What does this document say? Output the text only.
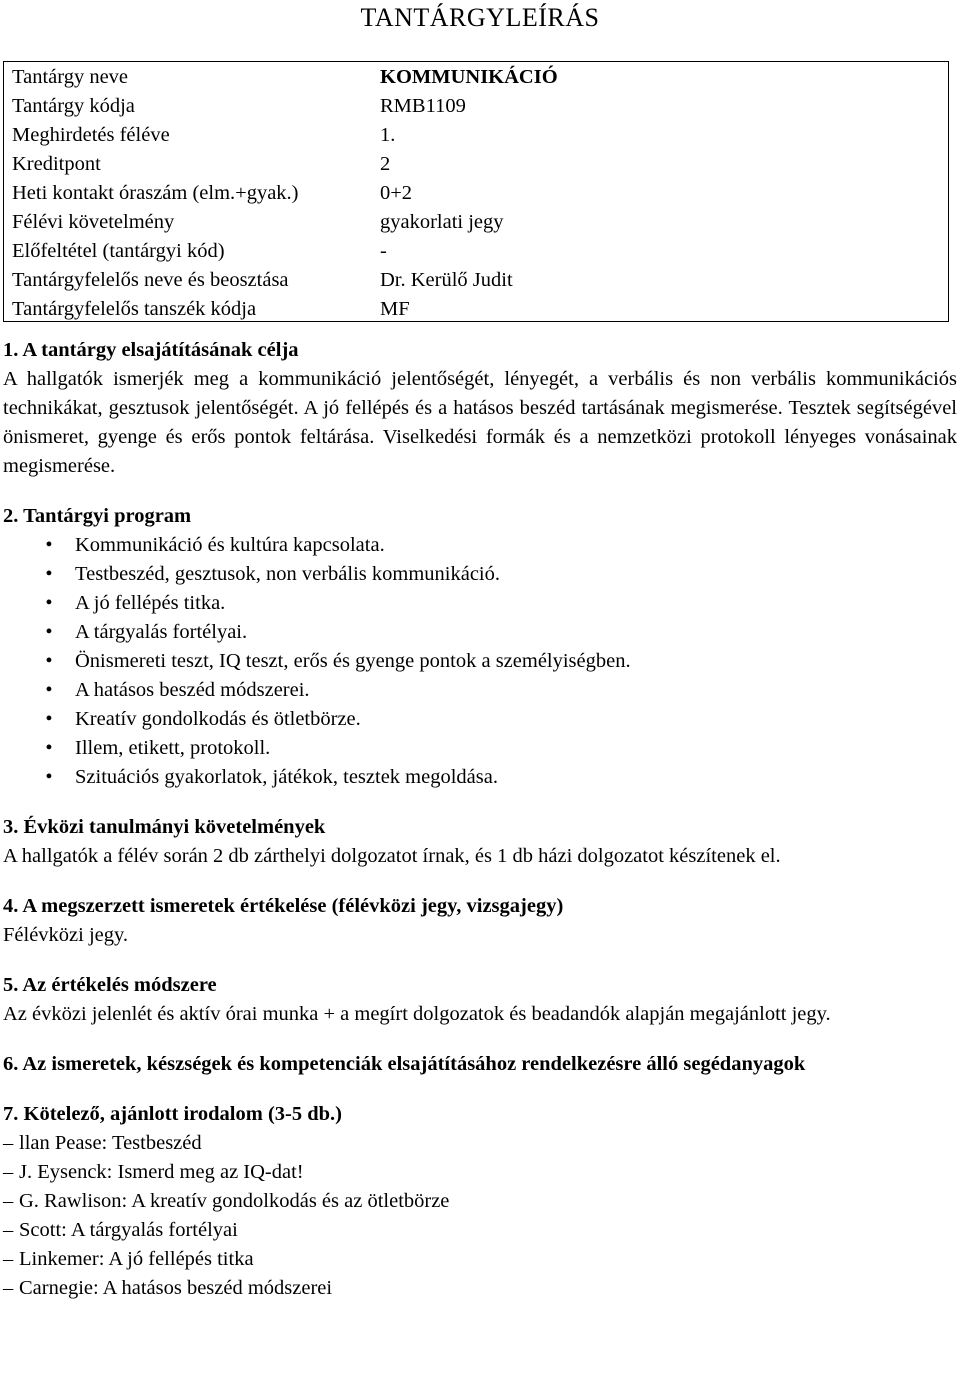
TANTÁRGYLEÍRÁS
Tantárgy neve	KOMMUNIKÁCIÓ
Tantárgy kódja	RMB1109
Meghirdetés féléve	1.
Kreditpont	2
Heti kontakt óraszám (elm.+gyak.)	0+2
Félévi követelmény	gyakorlati jegy
Előfeltétel (tantárgyi kód)	-
Tantárgyfelelős neve és beosztása	Dr. Kerülő Judit
Tantárgyfelelős tanszék kódja	MF
1. A tantárgy elsajátításának célja
A hallgatók ismerjék meg a kommunikáció jelentőségét, lényegét, a verbális és non verbális kommunikációs technikákat, gesztusok jelentőségét. A jó fellépés és a hatásos beszéd tartásának megismerése. Tesztek segítségével önismeret, gyenge és erős pontok feltárása. Viselkedési formák és a nemzetközi protokoll lényeges vonásainak megismerése.
2. Tantárgyi program
• Kommunikáció és kultúra kapcsolata.
• Testbeszéd, gesztusok, non verbális kommunikáció.
• A jó fellépés titka.
• A tárgyalás fortélyai.
• Önismereti teszt, IQ teszt, erős és gyenge pontok a személyiségben.
• A hatásos beszéd módszerei.
• Kreatív gondolkodás és ötletbörze.
• Illem, etikett, protokoll.
• Szituációs gyakorlatok, játékok, tesztek megoldása.
3. Évközi tanulmányi követelmények
A hallgatók a félév során 2 db zárthelyi dolgozatot írnak, és 1 db házi dolgozatot készítenek el.
4. A megszerzett ismeretek értékelése (félévközi jegy, vizsgajegy)
Félévközi jegy.
5. Az értékelés módszere
Az évközi jelenlét és aktív órai munka + a megírt dolgozatok és beadandók alapján megajánlott jegy.
6. Az ismeretek, készségek és kompetenciák elsajátításához rendelkezésre álló segédanyagok
7. Kötelező, ajánlott irodalom (3-5 db.)
– llan Pease: Testbeszéd
– J. Eysenck: Ismerd meg az IQ-dat!
– G. Rawlison: A kreatív gondolkodás és az ötletbörze
– Scott: A tárgyalás fortélyai
– Linkemer: A jó fellépés titka
– Carnegie: A hatásos beszéd módszerei
